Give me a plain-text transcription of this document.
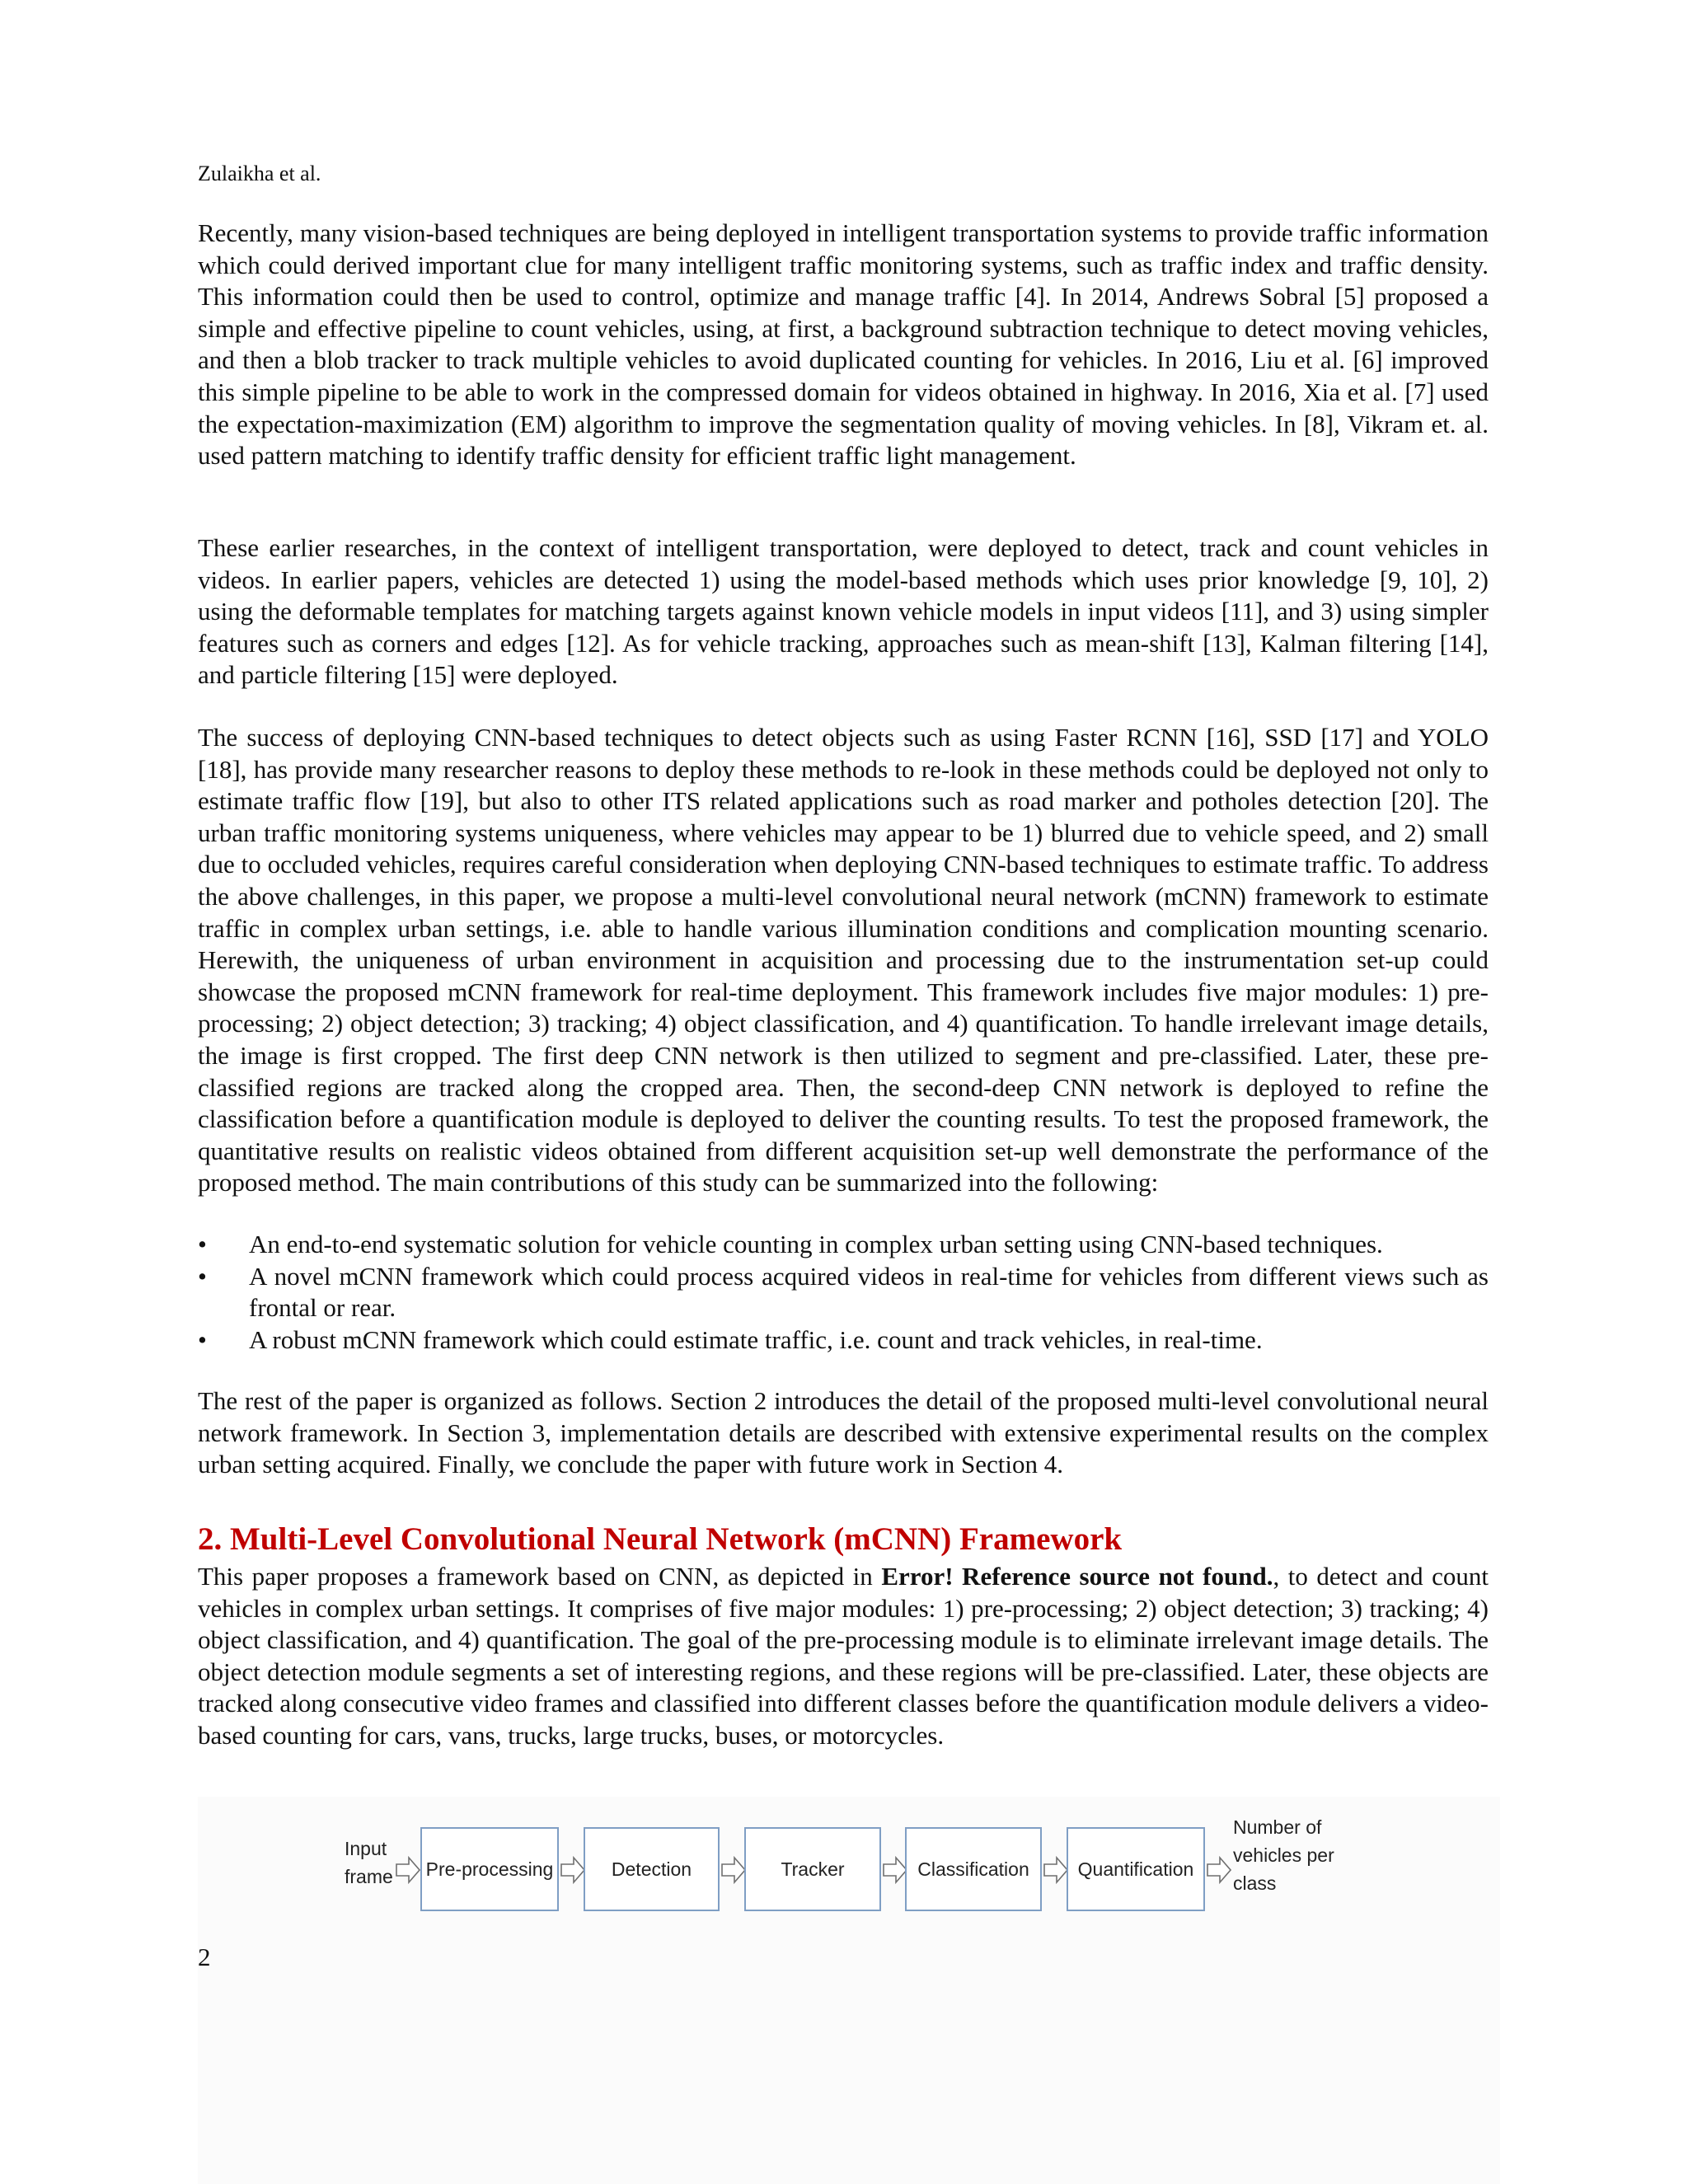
Zulaikha et al.

Recently, many vision-based techniques are being deployed in intelligent transportation systems to provide traffic information which could derived important clue for many intelligent traffic monitoring systems, such as traffic index and traffic density. This information could then be used to control, optimize and manage traffic [4]. In 2014, Andrews Sobral [5] proposed a simple and effective pipeline to count vehicles, using, at first, a background subtraction technique to detect moving vehicles, and then a blob tracker to track multiple vehicles to avoid duplicated counting for vehicles. In 2016, Liu et al. [6] improved this simple pipeline to be able to work in the compressed domain for videos obtained in highway. In 2016, Xia et al. [7] used the expectation-maximization (EM) algorithm to improve the segmentation quality of moving vehicles. In [8], Vikram et. al. used pattern matching to identify traffic density for efficient traffic light management.

These earlier researches, in the context of intelligent transportation, were deployed to detect, track and count vehicles in videos. In earlier papers, vehicles are detected 1) using the model-based methods which uses prior knowledge [9, 10], 2) using the deformable templates for matching targets against known vehicle models in input videos [11], and 3) using simpler features such as corners and edges [12]. As for vehicle tracking, approaches such as mean-shift [13], Kalman filtering [14], and particle filtering [15] were deployed.

The success of deploying CNN-based techniques to detect objects such as using Faster RCNN [16], SSD [17] and YOLO [18], has provide many researcher reasons to deploy these methods to re-look in these methods could be deployed not only to estimate traffic flow [19], but also to other ITS related applications such as road marker and potholes detection [20]. The urban traffic monitoring systems uniqueness, where vehicles may appear to be 1) blurred due to vehicle speed, and 2) small due to occluded vehicles, requires careful consideration when deploying CNN-based techniques to estimate traffic. To address the above challenges, in this paper, we propose a multi-level convolutional neural network (mCNN) framework to estimate traffic in complex urban settings, i.e. able to handle various illumination conditions and complication mounting scenario. Herewith, the uniqueness of urban environment in acquisition and processing due to the instrumentation set-up could showcase the proposed mCNN framework for real-time deployment. This framework includes five major modules: 1) pre-processing; 2) object detection; 3) tracking; 4) object classification, and 4) quantification. To handle irrelevant image details, the image is first cropped. The first deep CNN network is then utilized to segment and pre-classified. Later, these pre-classified regions are tracked along the cropped area. Then, the second-deep CNN network is deployed to refine the classification before a quantification module is deployed to deliver the counting results. To test the proposed framework, the quantitative results on realistic videos obtained from different acquisition set-up well demonstrate the performance of the proposed method. The main contributions of this study can be summarized into the following:

• An end-to-end systematic solution for vehicle counting in complex urban setting using CNN-based techniques.
• A novel mCNN framework which could process acquired videos in real-time for vehicles from different views such as frontal or rear.
• A robust mCNN framework which could estimate traffic, i.e. count and track vehicles, in real-time.

The rest of the paper is organized as follows. Section 2 introduces the detail of the proposed multi-level convolutional neural network framework. In Section 3, implementation details are described with extensive experimental results on the complex urban setting acquired. Finally, we conclude the paper with future work in Section 4.

2. Multi-Level Convolutional Neural Network (mCNN) Framework

This paper proposes a framework based on CNN, as depicted in Error! Reference source not found., to detect and count vehicles in complex urban settings. It comprises of five major modules: 1) pre-processing; 2) object detection; 3) tracking; 4) object classification, and 4) quantification. The goal of the pre-processing module is to eliminate irrelevant image details. The object detection module segments a set of interesting regions, and these regions will be pre-classified. Later, these objects are tracked along consecutive video frames and classified into different classes before the quantification module delivers a video-based counting for cars, vans, trucks, large trucks, buses, or motorcycles.

Input
frame Pre-processing	Detection	Tracker	Classification	Quantification
Number of
vehicles per
class
2
